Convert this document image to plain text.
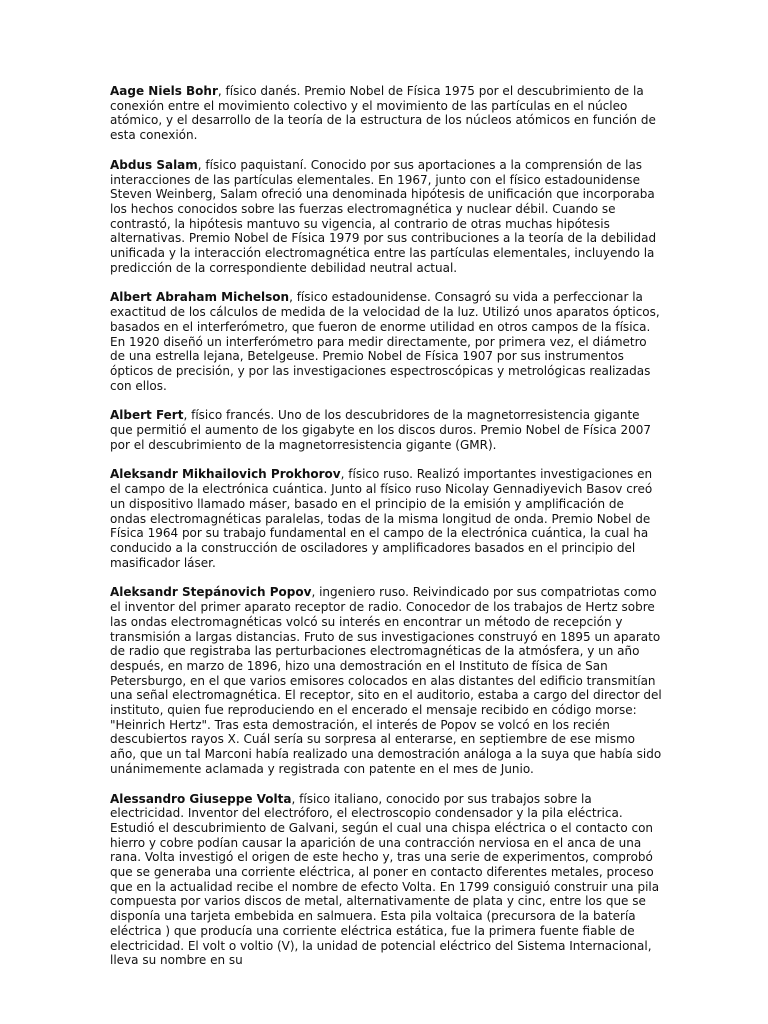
Aage Niels Bohr, físico danés. Premio Nobel de Física 1975 por el descubrimiento de la conexión entre el movimiento colectivo y el movimiento de las partículas en el núcleo atómico, y el desarrollo de la teoría de la estructura de los núcleos atómicos en función de esta conexión.

Abdus Salam, físico paquistaní. Conocido por sus aportaciones a la comprensión de las interacciones de las partículas elementales. En 1967, junto con el físico estadounidense Steven Weinberg, Salam ofreció una denominada hipótesis de unificación que incorporaba los hechos conocidos sobre las fuerzas electromagnética y nuclear débil. Cuando se contrastó, la hipótesis mantuvo su vigencia, al contrario de otras muchas hipótesis alternativas. Premio Nobel de Física 1979 por sus contribuciones a la teoría de la debilidad unificada y la interacción electromagnética entre las partículas elementales, incluyendo la predicción de la correspondiente debilidad neutral actual.

Albert Abraham Michelson, físico estadounidense. Consagró su vida a perfeccionar la exactitud de los cálculos de medida de la velocidad de la luz. Utilizó unos aparatos ópticos, basados en el interferómetro, que fueron de enorme utilidad en otros campos de la física. En 1920 diseñó un interferómetro para medir directamente, por primera vez, el diámetro de una estrella lejana, Betelgeuse. Premio Nobel de Física 1907 por sus instrumentos ópticos de precisión, y por las investigaciones espectroscópicas y metrológicas realizadas con ellos.

Albert Fert, físico francés. Uno de los descubridores de la magnetorresistencia gigante que permitió el aumento de los gigabyte en los discos duros. Premio Nobel de Física 2007 por el descubrimiento de la magnetorresistencia gigante (GMR).

Aleksandr Mikhailovich Prokhorov, físico ruso. Realizó importantes investigaciones en el campo de la electrónica cuántica. Junto al físico ruso Nicolay Gennadiyevich Basov creó un dispositivo llamado máser, basado en el principio de la emisión y amplificación de ondas electromagnéticas paralelas, todas de la misma longitud de onda. Premio Nobel de Física 1964 por su trabajo fundamental en el campo de la electrónica cuántica, la cual ha conducido a la construcción de osciladores y amplificadores basados en el principio del masificador láser.

Aleksandr Stepánovich Popov, ingeniero ruso. Reivindicado por sus compatriotas como el inventor del primer aparato receptor de radio. Conocedor de los trabajos de Hertz sobre las ondas electromagnéticas volcó su interés en encontrar un método de recepción y transmisión a largas distancias. Fruto de sus investigaciones construyó en 1895 un aparato de radio que registraba las perturbaciones electromagnéticas de la atmósfera, y un año después, en marzo de 1896, hizo una demostración en el Instituto de física de San Petersburgo, en el que varios emisores colocados en alas distantes del edificio transmitían una señal electromagnética. El receptor, sito en el auditorio, estaba a cargo del director del instituto, quien fue reproduciendo en el encerado el mensaje recibido en código morse: "Heinrich Hertz". Tras esta demostración, el interés de Popov se volcó en los recién descubiertos rayos X. Cuál sería su sorpresa al enterarse, en septiembre de ese mismo año, que un tal Marconi había realizado una demostración análoga a la suya que había sido unánimemente aclamada y registrada con patente en el mes de Junio.

Alessandro Giuseppe Volta, físico italiano, conocido por sus trabajos sobre la electricidad. Inventor del electróforo, el electroscopio condensador y la pila eléctrica. Estudió el descubrimiento de Galvani, según el cual una chispa eléctrica o el contacto con hierro y cobre podían causar la aparición de una contracción nerviosa en el anca de una rana. Volta investigó el origen de este hecho y, tras una serie de experimentos, comprobó que se generaba una corriente eléctrica, al poner en contacto diferentes metales, proceso que en la actualidad recibe el nombre de efecto Volta. En 1799 consiguió construir una pila compuesta por varios discos de metal, alternativamente de plata y cinc, entre los que se disponía una tarjeta embebida en salmuera. Esta pila voltaica (precursora de la batería eléctrica ) que producía una corriente eléctrica estática, fue la primera fuente fiable de electricidad. El volt o voltio (V), la unidad de potencial eléctrico del Sistema Internacional, lleva su nombre en su
